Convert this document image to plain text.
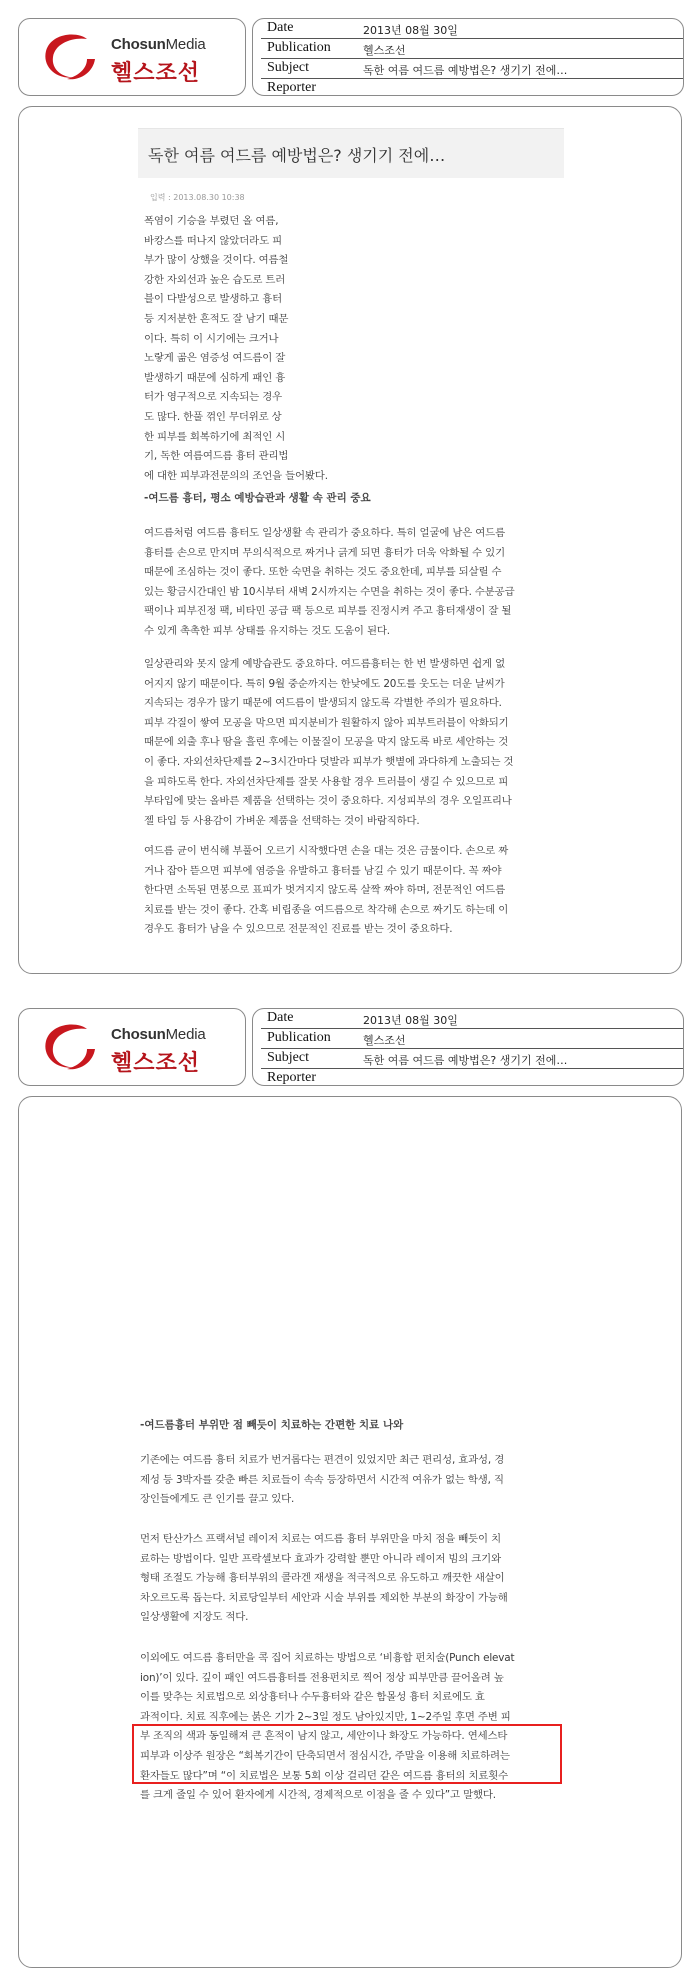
ChosunMedia
헬스조선
Date	2013년 08월 30일
Publication	헬스조선
Subject	독한 여름 여드름 예방법은? 생기기 전에…
Reporter
독한 여름 여드름 예방법은? 생기기 전에…
입력 : 2013.08.30 10:38
폭염이 기승을 부렸던 올 여름,
바캉스를 떠나지 않았더라도 피
부가 많이 상했을 것이다. 여름철
강한 자외선과 높은 습도로 트러
블이 다발성으로 발생하고 흉터
등 지저분한 흔적도 잘 남기 때문
이다. 특히 이 시기에는 크거나
노랗게 곪은 염증성 여드름이 잘
발생하기 때문에 심하게 패인 흉
터가 영구적으로 지속되는 경우
도 많다. 한풀 꺾인 무더위로 상
한 피부를 회복하기에 최적인 시
기, 독한 여름여드름 흉터 관리법
에 대한 피부과전문의의 조언을 들어봤다.
-여드름 흉터, 평소 예방습관과 생활 속 관리 중요
여드름처럼 여드름 흉터도 일상생활 속 관리가 중요하다. 특히 얼굴에 남은 여드름
흉터를 손으로 만지며 무의식적으로 짜거나 긁게 되면 흉터가 더욱 악화될 수 있기
때문에 조심하는 것이 좋다. 또한 숙면을 취하는 것도 중요한데, 피부를 되살릴 수
있는 황금시간대인 밤 10시부터 새벽 2시까지는 수면을 취하는 것이 좋다. 수분공급
팩이나 피부진정 팩, 비타민 공급 팩 등으로 피부를 진정시켜 주고 흉터재생이 잘 될
수 있게 촉촉한 피부 상태를 유지하는 것도 도움이 된다.
일상관리와 못지 않게 예방습관도 중요하다. 여드름흉터는 한 번 발생하면 쉽게 없
어지지 않기 때문이다. 특히 9월 중순까지는 한낮에도 20도를 웃도는 더운 날씨가
지속되는 경우가 많기 때문에 여드름이 발생되지 않도록 각별한 주의가 필요하다.
피부 각질이 쌓여 모공을 막으면 피지분비가 원활하지 않아 피부트러블이 악화되기
때문에 외출 후나 땀을 흘린 후에는 이물질이 모공을 막지 않도록 바로 세안하는 것
이 좋다. 자외선차단제를 2~3시간마다 덧발라 피부가 햇볕에 과다하게 노출되는 것
을 피하도록 한다. 자외선차단제를 잘못 사용할 경우 트러블이 생길 수 있으므로 피
부타입에 맞는 올바른 제품을 선택하는 것이 중요하다. 지성피부의 경우 오일프리나
젤 타입 등 사용감이 가벼운 제품을 선택하는 것이 바람직하다.
여드름 균이 번식해 부풀어 오르기 시작했다면 손을 대는 것은 금물이다. 손으로 짜
거나 잡아 뜯으면 피부에 염증을 유발하고 흉터를 남길 수 있기 때문이다. 꼭 짜야
한다면 소독된 면봉으로 표피가 벗겨지지 않도록 살짝 짜야 하며, 전문적인 여드름
치료를 받는 것이 좋다. 간혹 비립종을 여드름으로 착각해 손으로 짜기도 하는데 이
경우도 흉터가 남을 수 있으므로 전문적인 진료를 받는 것이 중요하다.
ChosunMedia
헬스조선
Date	2013년 08월 30일
Publication	헬스조선
Subject	독한 여름 여드름 예방법은? 생기기 전에…
Reporter
-여드름흉터 부위만 점 빼듯이 치료하는 간편한 치료 나와
기존에는 여드름 흉터 치료가 번거롭다는 편견이 있었지만 최근 편리성, 효과성, 경
제성 등 3박자를 갖춘 빠른 치료들이 속속 등장하면서 시간적 여유가 없는 학생, 직
장인들에게도 큰 인기를 끌고 있다.
먼저 탄산가스 프랙셔널 레이저 치료는 여드름 흉터 부위만을 마치 점을 빼듯이 치
료하는 방법이다. 일반 프락셀보다 효과가 강력할 뿐만 아니라 레이저 빔의 크기와
형태 조절도 가능해 흉터부위의 콜라겐 재생을 적극적으로 유도하고 깨끗한 새살이
차오르도록 돕는다. 치료당일부터 세안과 시술 부위를 제외한 부분의 화장이 가능해
일상생활에 지장도 적다.
이외에도 여드름 흉터만을 콕 집어 치료하는 방법으로 ‘비흉합 펀치술(Punch elevat
ion)’이 있다. 깊이 패인 여드름흉터를 전용펀치로 찍어 정상 피부만큼 끌어올려 높
이를 맞추는 치료법으로 외상흉터나 수두흉터와 같은 함몰성 흉터 치료에도 효
과적이다. 치료 직후에는 붉은 기가 2~3일 정도 남아있지만, 1~2주일 후면 주변 피
부 조직의 색과 동일해져 큰 흔적이 남지 않고, 세안이나 화장도 가능하다. 연세스타
피부과 이상주 원장은 “회복기간이 단축되면서 점심시간, 주말을 이용해 치료하려는
환자들도 많다”며 “이 치료법은 보통 5회 이상 걸리던 같은 여드름 흉터의 치료횟수
를 크게 줄일 수 있어 환자에게 시간적, 경제적으로 이점을 줄 수 있다”고 말했다.
